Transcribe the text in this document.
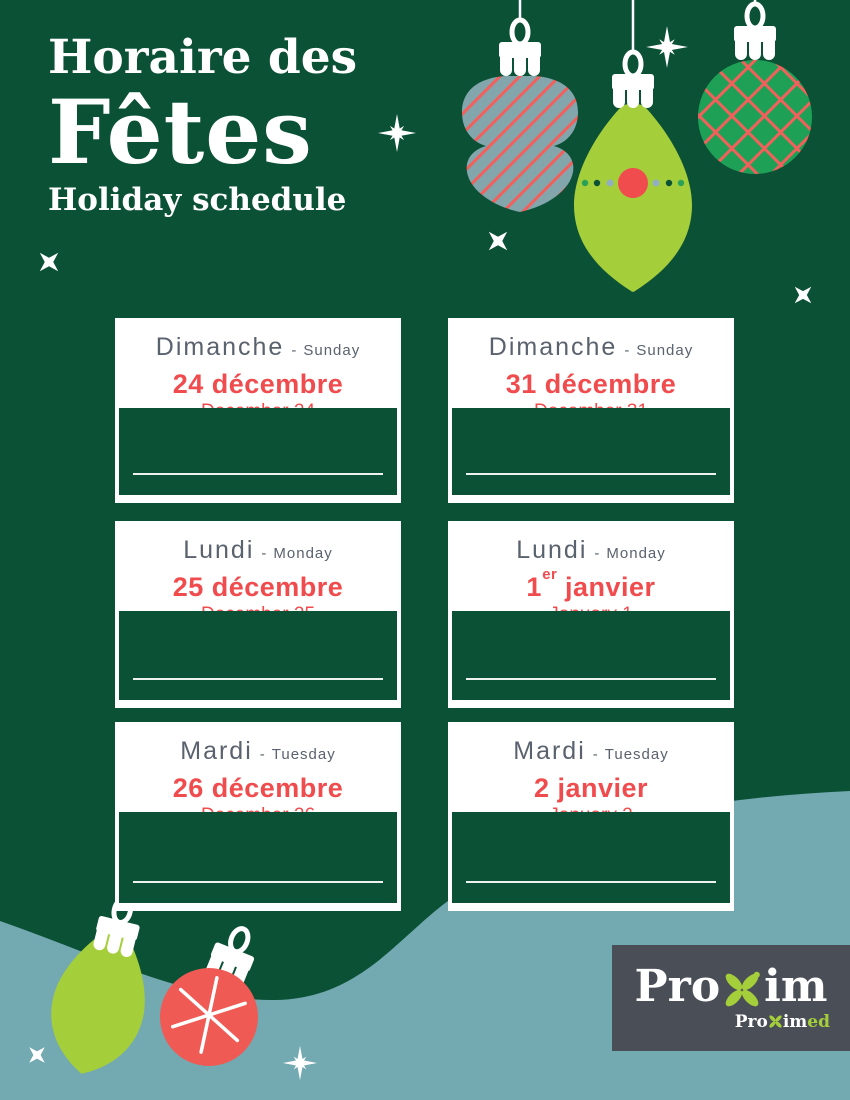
Horaire des
Fêtes
Holiday schedule
Dimanche - Sunday
24 décembre
Dimanche - Sunday
31 décembre
Lundi - Monday
25 décembre
Lundi - Monday
1er janvier
Mardi - Tuesday
26 décembre
Mardi - Tuesday
2 janvier
Pro im
Pro im ed
